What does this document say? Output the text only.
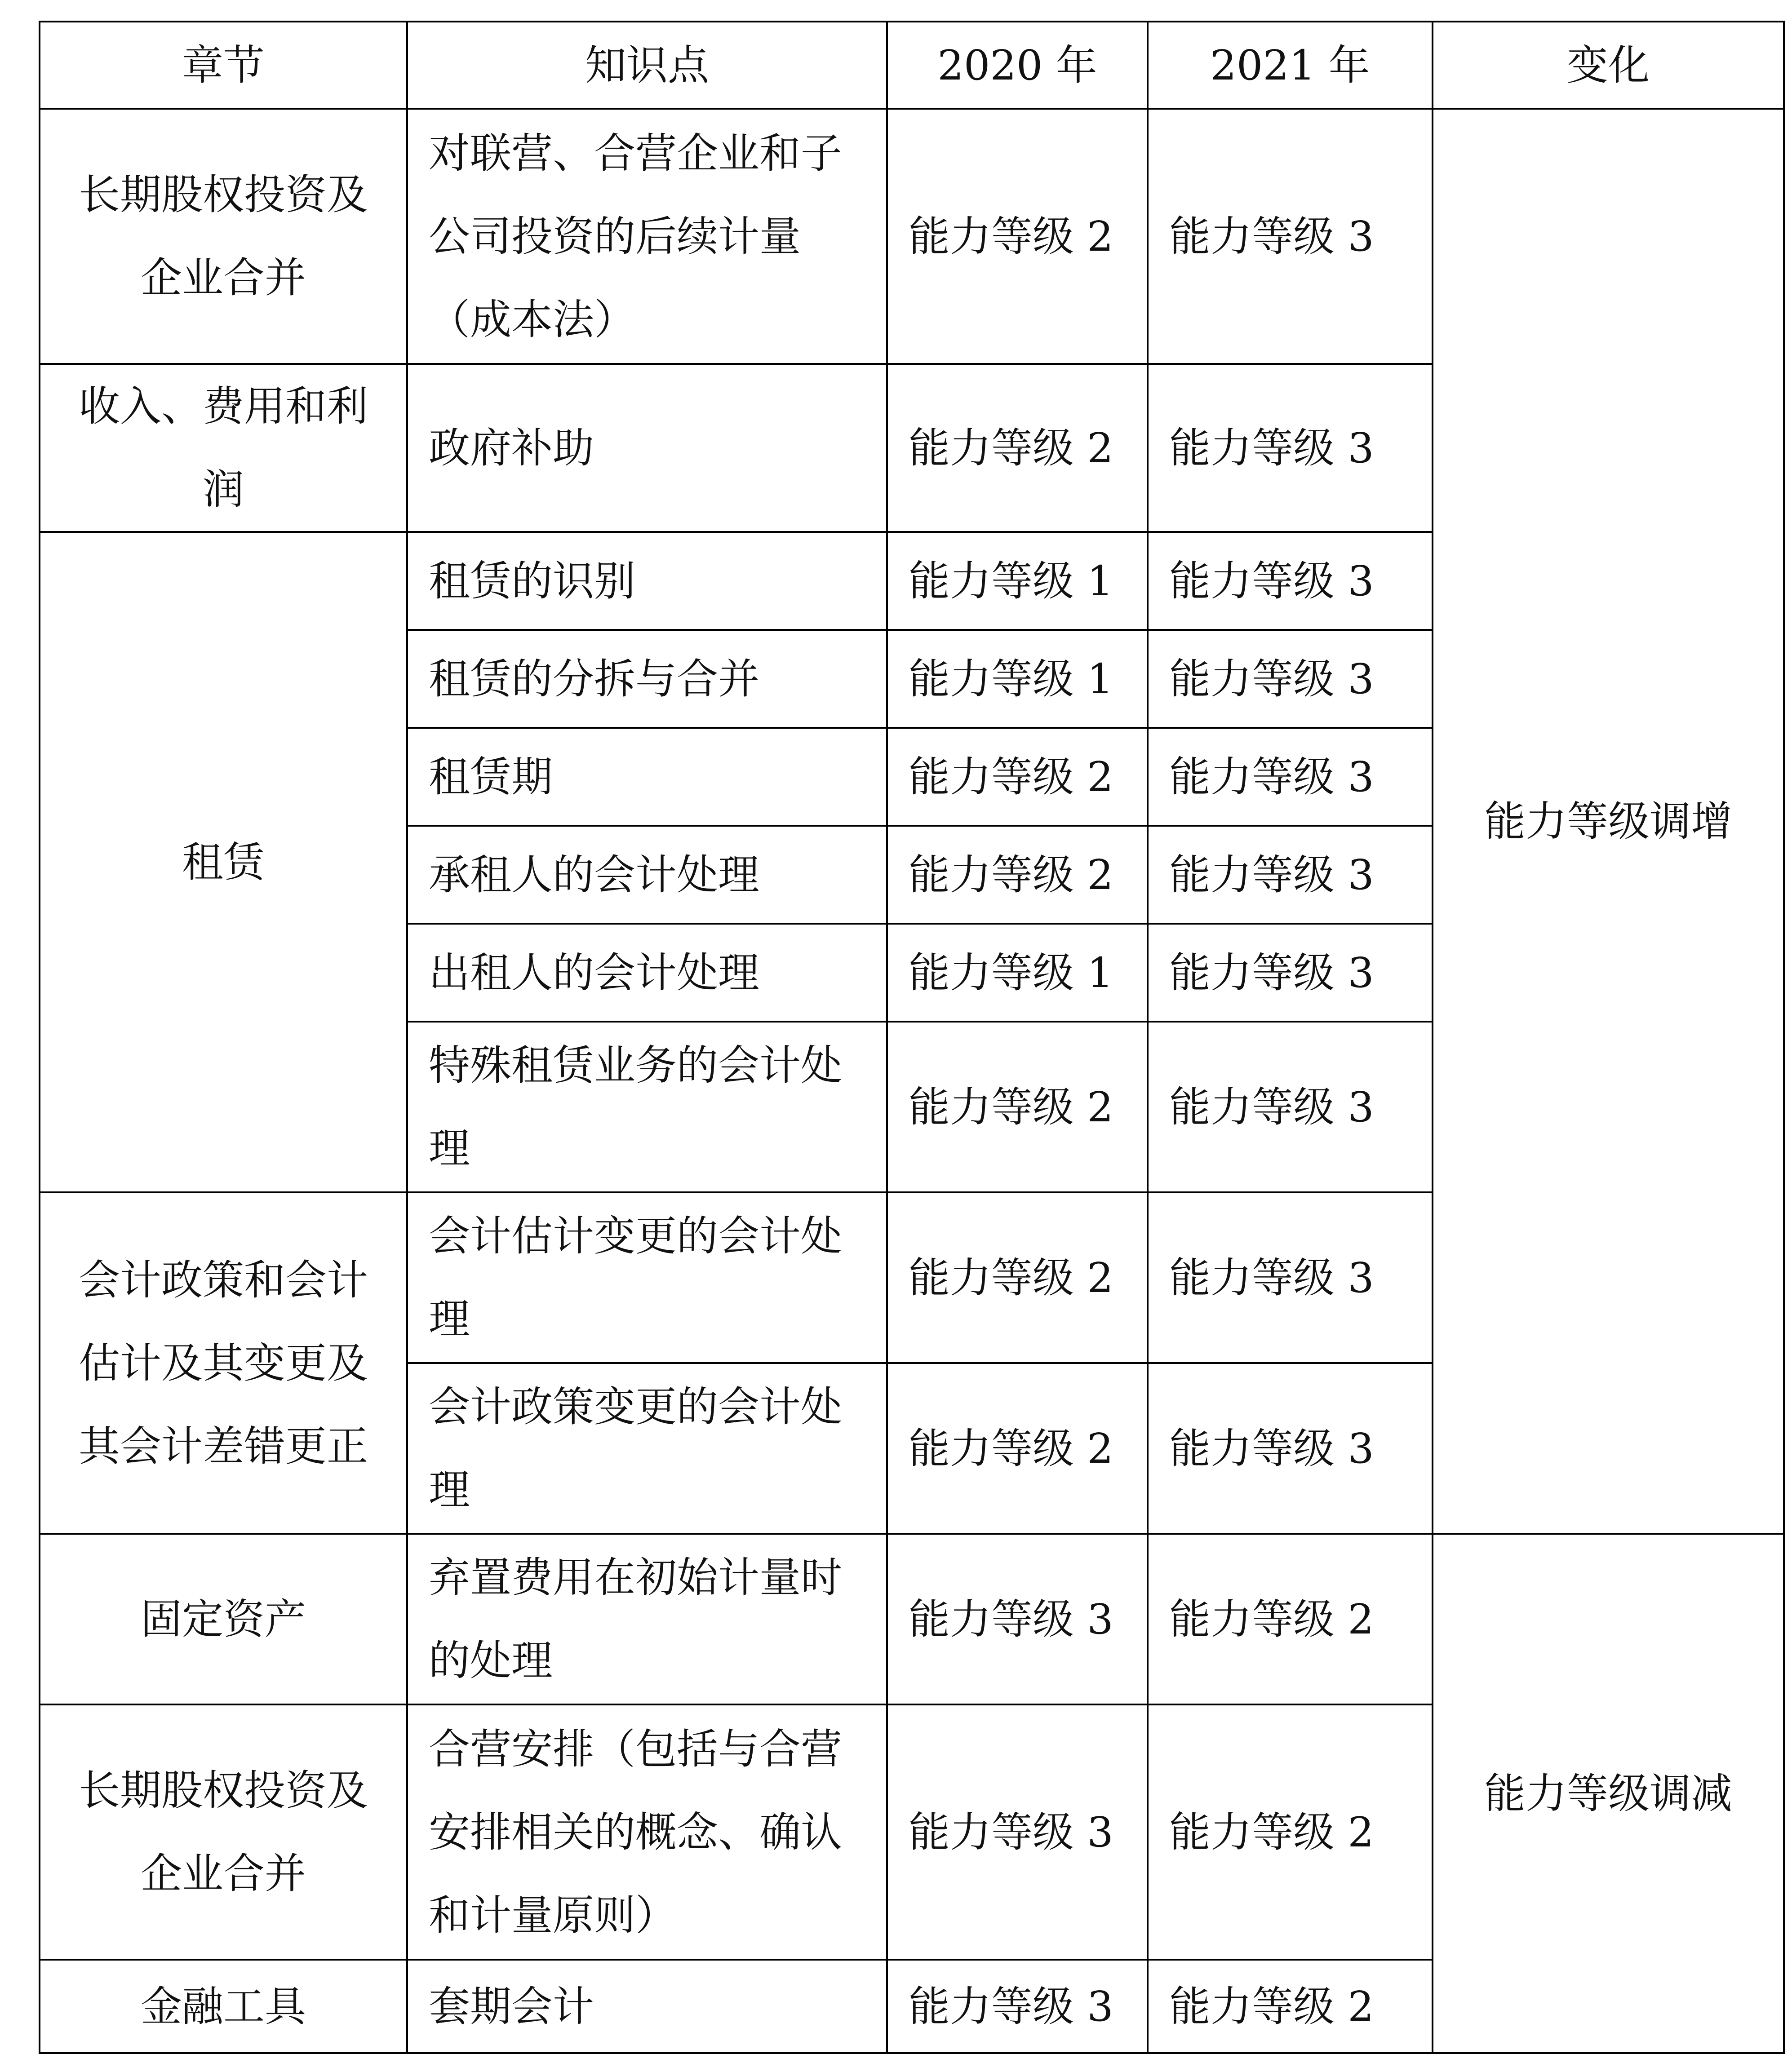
章节	知识点	2020 年	2021 年	变化
长期股权投资及企业合并	对联营、合营企业和子公司投资的后续计量（成本法）	能力等级 2	能力等级 3	能力等级调增
收入、费用和利润	政府补助	能力等级 2	能力等级 3	
租赁	租赁的识别	能力等级 1	能力等级 3	
	租赁的分拆与合并	能力等级 1	能力等级 3	
	租赁期	能力等级 2	能力等级 3	
	承租人的会计处理	能力等级 2	能力等级 3	
	出租人的会计处理	能力等级 1	能力等级 3	
	特殊租赁业务的会计处理	能力等级 2	能力等级 3	
会计政策和会计估计及其变更及其会计差错更正	会计估计变更的会计处理	能力等级 2	能力等级 3	
	会计政策变更的会计处理	能力等级 2	能力等级 3	
固定资产	弃置费用在初始计量时的处理	能力等级 3	能力等级 2	能力等级调减
长期股权投资及企业合并	合营安排（包括与合营安排相关的概念、确认和计量原则）	能力等级 3	能力等级 2	
金融工具	套期会计	能力等级 3	能力等级 2	
